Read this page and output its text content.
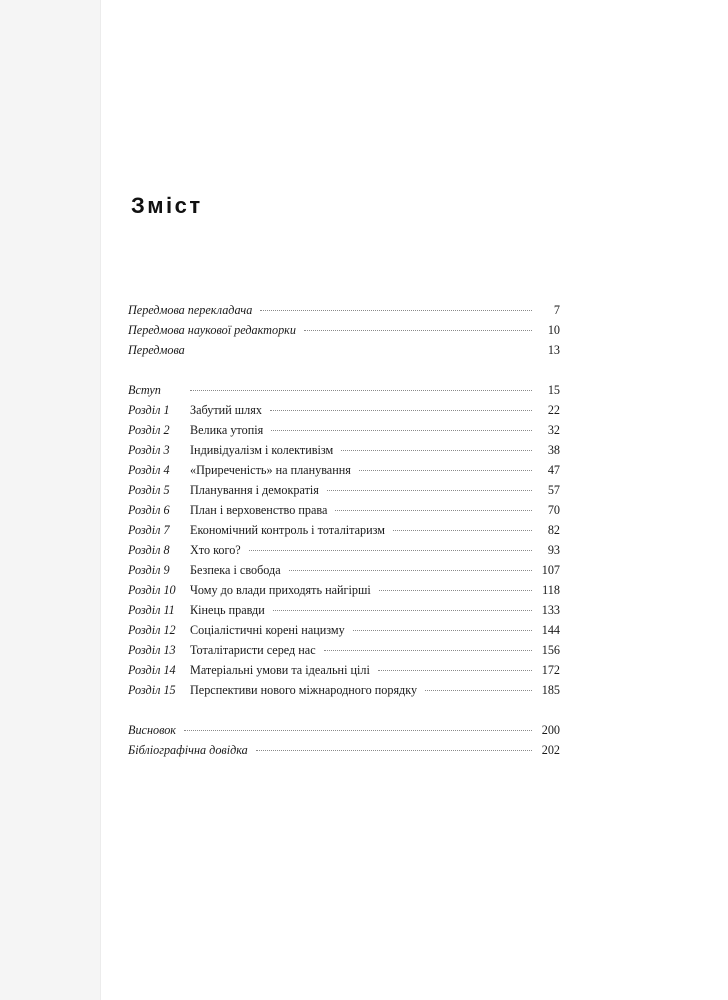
Зміст
Передмова перекладача	7
Передмова наукової редакторки	10
Передмова	13
Вступ	15
Розділ 1	Забутий шлях	22
Розділ 2	Велика утопія	32
Розділ 3	Індивідуалізм і колективізм	38
Розділ 4	«Приреченість» на планування	47
Розділ 5	Планування і демократія	57
Розділ 6	План і верховенство права	70
Розділ 7	Економічний контроль і тоталітаризм	82
Розділ 8	Хто кого?	93
Розділ 9	Безпека і свобода	107
Розділ 10	Чому до влади приходять найгірші	118
Розділ 11	Кінець правди	133
Розділ 12	Соціалістичні корені нацизму	144
Розділ 13	Тоталітаристи серед нас	156
Розділ 14	Матеріальні умови та ідеальні цілі	172
Розділ 15	Перспективи нового міжнародного порядку	185
Висновок	200
Бібліографічна довідка	202
